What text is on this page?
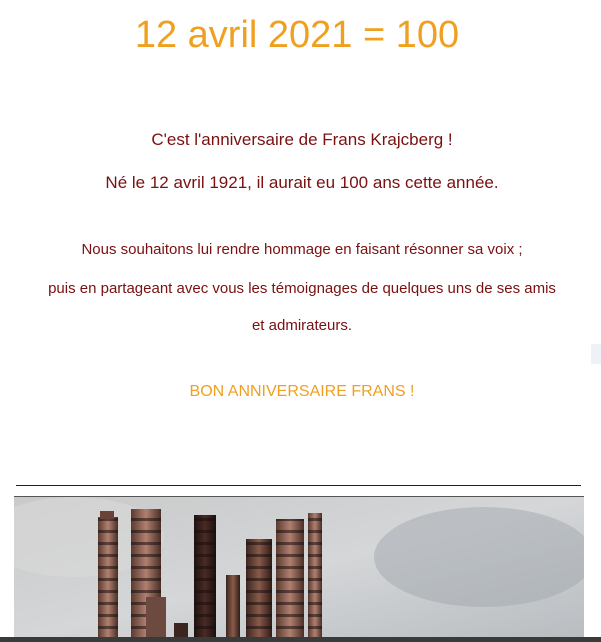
12 avril 2021 = 100

C'est l'anniversaire de Frans Krajcberg !

Né le 12 avril 1921, il aurait eu 100 ans cette année.

Nous souhaitons lui rendre hommage en faisant résonner sa voix ;

puis en partageant avec vous les témoignages de quelques uns de ses amis

et admirateurs.

BON ANNIVERSAIRE FRANS !
